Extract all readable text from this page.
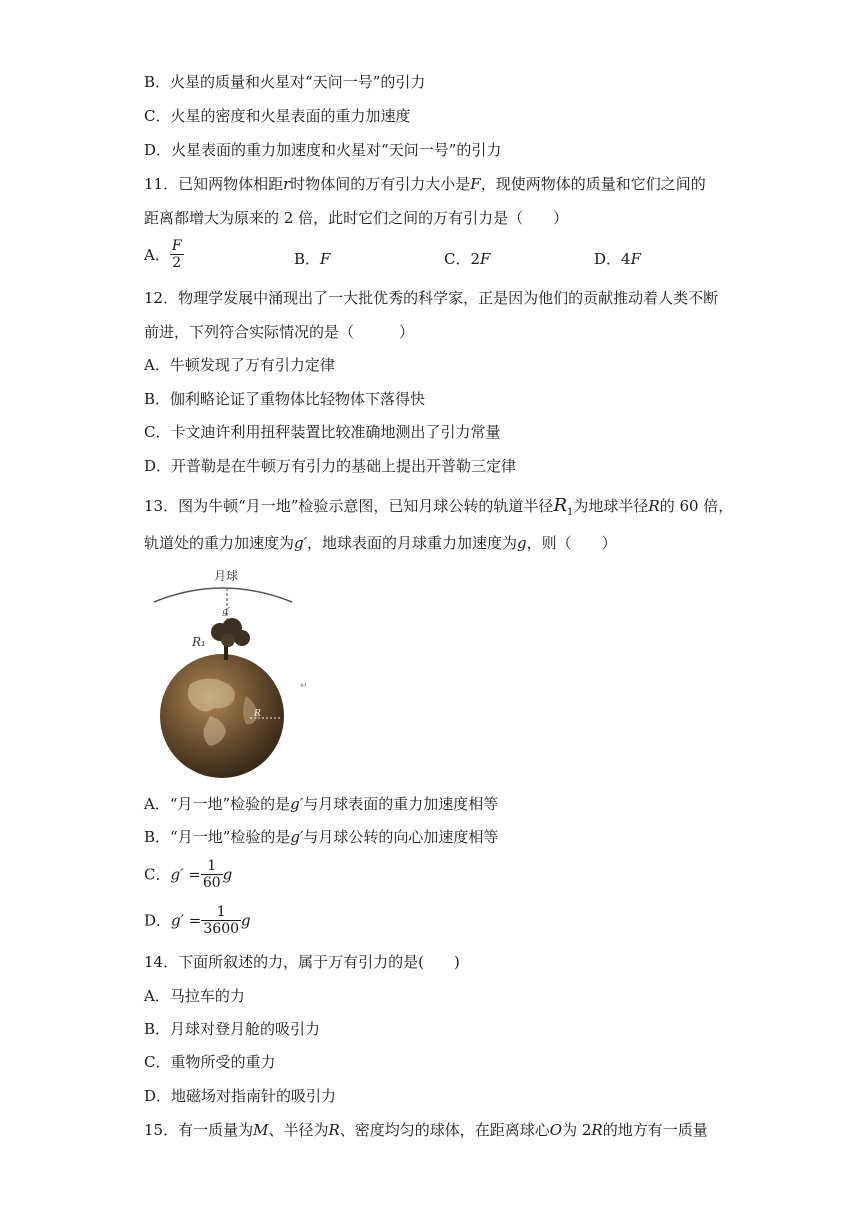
B．火星的质量和火星对“天问一号”的引力
C．火星的密度和火星表面的重力加速度
D．火星表面的重力加速度和火星对“天问一号”的引力
11．已知两物体相距r时物体间的万有引力大小是F，现使两物体的质量和它们之间的
距离都增大为原来的 2 倍，此时它们之间的万有引力是（　　）
A． $\frac{F}{2}$	B．F	C．2F	D．4F
12．物理学发展中涌现出了一大批优秀的科学家，正是因为他们的贡献推动着人类不断
前进，下列符合实际情况的是（　　　）
A．牛顿发现了万有引力定律
B．伽利略论证了重物体比轻物体下落得快
C．卡文迪许利用扭秤装置比较准确地测出了引力常量
D．开普勒是在牛顿万有引力的基础上提出开普勒三定律
13．图为牛顿“月一地”检验示意图，已知月球公转的轨道半径$R_1$为地球半径R的 60 倍，
轨道处的重力加速度为g′，地球表面的月球重力加速度为g，则（　　）
月球
g′
R₁
R
↵
A．“月一地”检验的是g′与月球表面的重力加速度相等
B．“月一地”检验的是g′与月球公转的向心加速度相等
C．$g' = \frac{1}{60}$ g
D．$g' = \frac{1}{3600}$ g
14．下面所叙述的力，属于万有引力的是(　　)
A．马拉车的力
B．月球对登月舱的吸引力
C．重物所受的重力
D．地磁场对指南针的吸引力
15．有一质量为M、半径为R、密度均匀的球体，在距离球心O为 2R的地方有一质量
